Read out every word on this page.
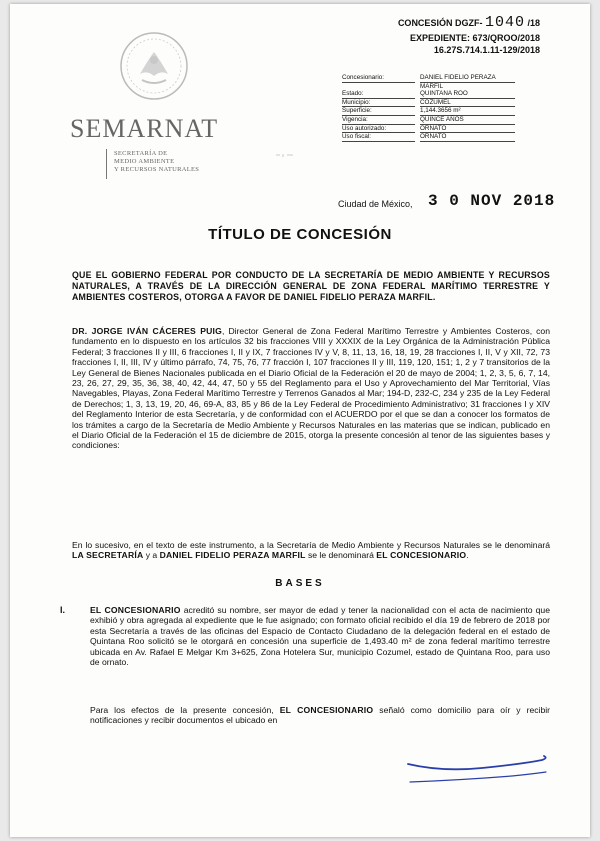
SEMARNAT
SECRETARÍA DE
MEDIO AMBIENTE
Y RECURSOS NATURALES
CONCESIÓN DGZF- 1040 /18
EXPEDIENTE: 673/QROO/2018
16.27S.714.1.11-129/2018
Concesionario:	DANIEL FIDELIO PERAZA
MARFIL
Estado:	QUINTANA ROO
Municipio:	COZUMEL
Superficie:	1,144.3656 m²
Vigencia:	QUINCE AÑOS
Uso autorizado:	ORNATO
Uso fiscal:	ORNATO
Ciudad de México, 3 0 NOV 2018
TÍTULO DE CONCESIÓN
QUE EL GOBIERNO FEDERAL POR CONDUCTO DE LA SECRETARÍA DE MEDIO AMBIENTE Y RECURSOS NATURALES, A TRAVÉS DE LA DIRECCIÓN GENERAL DE ZONA FEDERAL MARÍTIMO TERRESTRE Y AMBIENTES COSTEROS, OTORGA A FAVOR DE DANIEL FIDELIO PERAZA MARFIL.
DR. JORGE IVÁN CÁCERES PUIG, Director General de Zona Federal Marítimo Terrestre y Ambientes Costeros, con fundamento en lo dispuesto en los artículos 32 bis fracciones VIII y XXXIX de la Ley Orgánica de la Administración Pública Federal; 3 fracciones II y III, 6 fracciones I, II y IX, 7 fracciones IV y V, 8, 11, 13, 16, 18, 19, 28 fracciones I, II, V y XII, 72, 73 fracciones I, II, III, IV y último párrafo, 74, 75, 76, 77 fracción I, 107 fracciones II y III, 119, 120, 151; 1, 2 y 7 transitorios de la Ley General de Bienes Nacionales publicada en el Diario Oficial de la Federación el 20 de mayo de 2004; 1, 2, 3, 5, 6, 7, 14, 23, 26, 27, 29, 35, 36, 38, 40, 42, 44, 47, 50 y 55 del Reglamento para el Uso y Aprovechamiento del Mar Territorial, Vías Navegables, Playas, Zona Federal Marítimo Terrestre y Terrenos Ganados al Mar; 194-D, 232-C, 234 y 235 de la Ley Federal de Derechos; 1, 3, 13, 19, 20, 46, 69-A, 83, 85 y 86 de la Ley Federal de Procedimiento Administrativo; 31 fracciones I y XIV del Reglamento Interior de esta Secretaría, y de conformidad con el ACUERDO por el que se dan a conocer los formatos de los trámites a cargo de la Secretaría de Medio Ambiente y Recursos Naturales en las materias que se indican, publicado en el Diario Oficial de la Federación el 15 de diciembre de 2015, otorga la presente concesión al tenor de las siguientes bases y condiciones:
En lo sucesivo, en el texto de este instrumento, a la Secretaría de Medio Ambiente y Recursos Naturales se le denominará LA SECRETARÍA y a DANIEL FIDELIO PERAZA MARFIL se le denominará EL CONCESIONARIO.
BASES
I.	EL CONCESIONARIO acreditó su nombre, ser mayor de edad y tener la nacionalidad con el acta de nacimiento que exhibió y obra agregada al expediente que le fue asignado; con formato oficial recibido el día 19 de febrero de 2018 por esta Secretaría a través de las oficinas del Espacio de Contacto Ciudadano de la delegación federal en el estado de Quintana Roo solicitó se le otorgará en concesión una superficie de 1,493.40 m² de zona federal marítimo terrestre ubicada en Av. Rafael E Melgar Km 3+625, Zona Hotelera Sur, municipio Cozumel, estado de Quintana Roo, para uso de ornato.
Para los efectos de la presente concesión, EL CONCESIONARIO señaló como domicilio para oír y recibir notificaciones y recibir documentos el ubicado en
